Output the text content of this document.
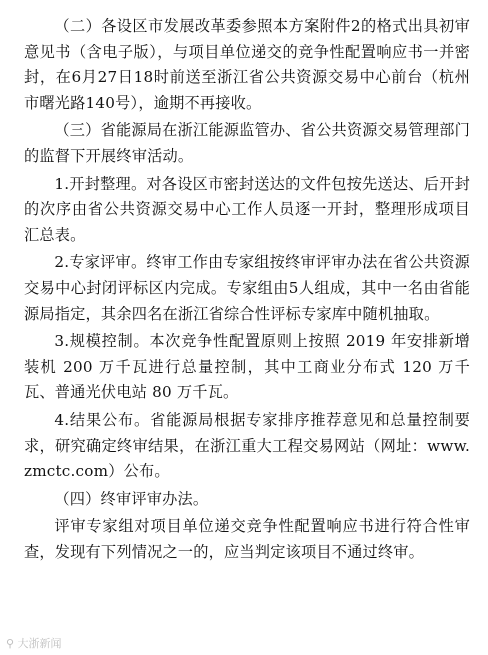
（二）各设区市发展改革委参照本方案附件2的格式出具初审意见书（含电子版），与项目单位递交的竞争性配置响应书一并密封，在6月27日18时前送至浙江省公共资源交易中心前台（杭州市曙光路140号），逾期不再接收。

（三）省能源局在浙江能源监管办、省公共资源交易管理部门的监督下开展终审活动。

1.开封整理。对各设区市密封送达的文件包按先送达、后开封的次序由省公共资源交易中心工作人员逐一开封，整理形成项目汇总表。

2.专家评审。终审工作由专家组按终审评审办法在省公共资源交易中心封闭评标区内完成。专家组由5人组成，其中一名由省能源局指定，其余四名在浙江省综合性评标专家库中随机抽取。

3.规模控制。本次竞争性配置原则上按照 2019 年安排新增装机 200 万千瓦进行总量控制，其中工商业分布式 120 万千瓦、普通光伏电站 80 万千瓦。

4.结果公布。省能源局根据专家排序推荐意见和总量控制要求，研究确定终审结果，在浙江重大工程交易网站（网址：www.zmctc.com）公布。

（四）终审评审办法。

评审专家组对项目单位递交竞争性配置响应书进行符合性审查，发现有下列情况之一的，应当判定该项目不通过终审。

⚲ 大浙新闻
